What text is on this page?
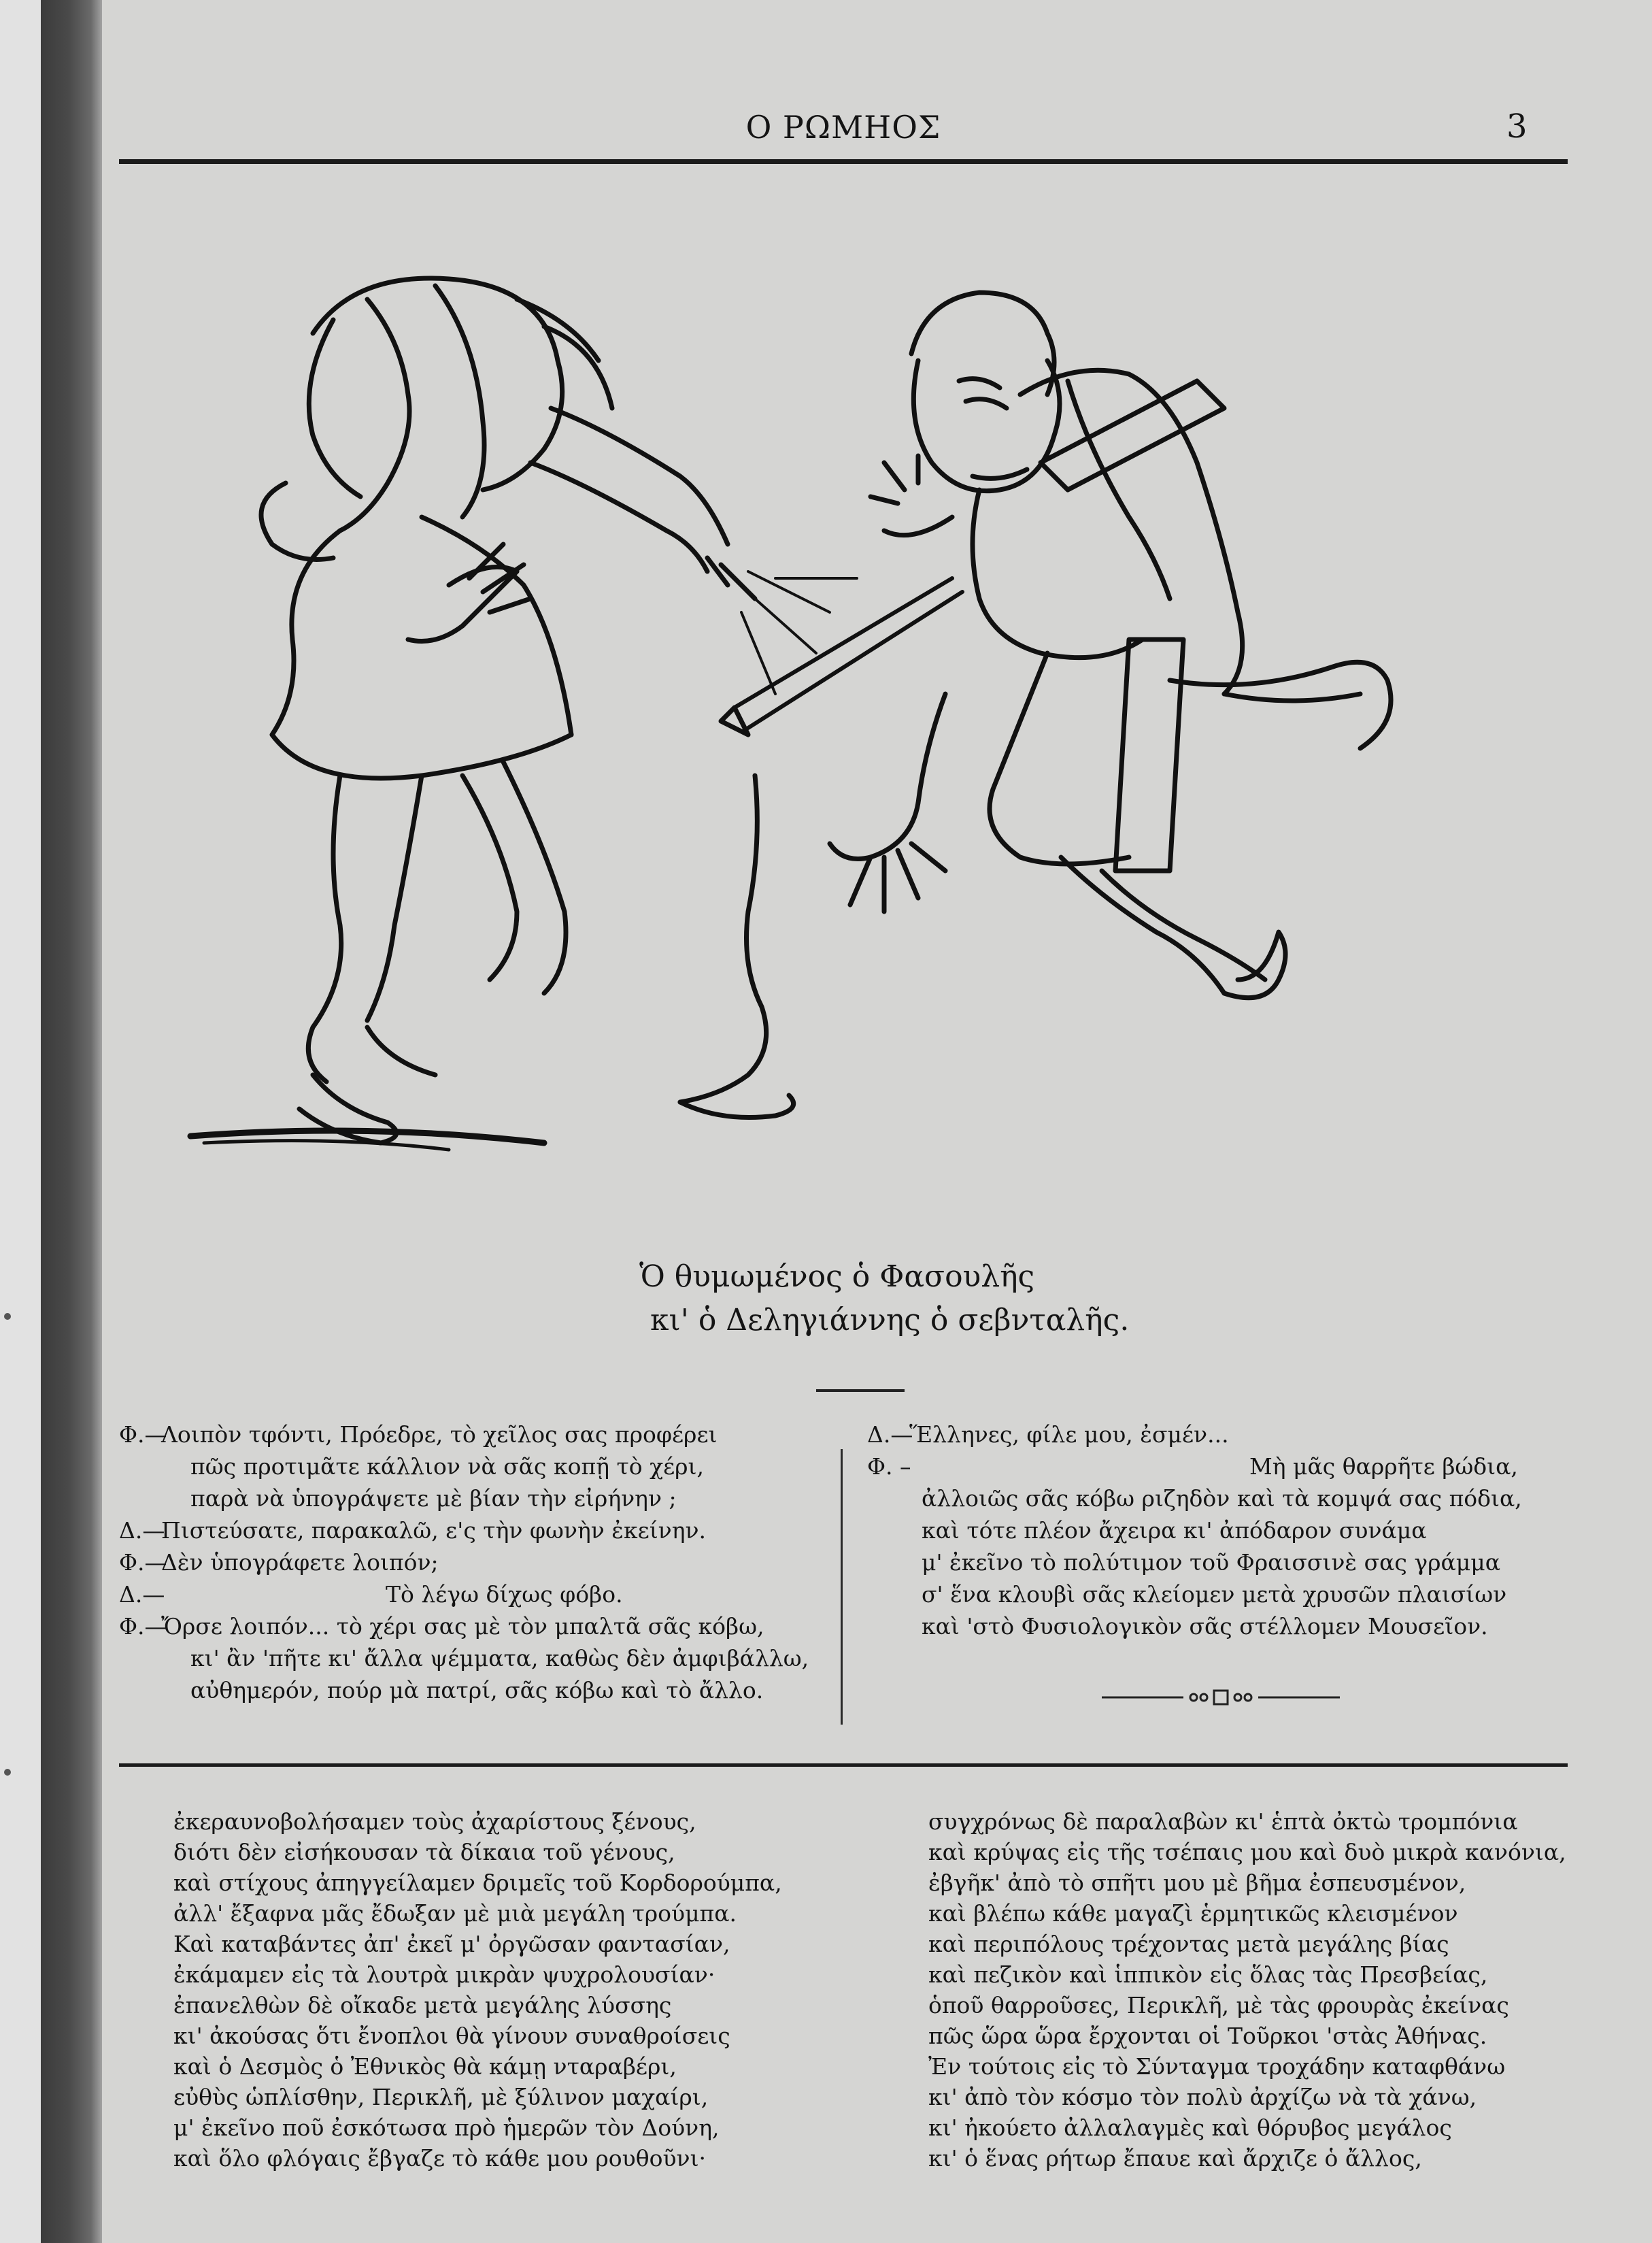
Ο ΡΩΜΗΟΣ	3
Ὁ θυμωμένος ὁ Φασουλῆς
κι' ὁ Δεληγιάννης ὁ σεβνταλῆς.
Φ.—Λοιπὸν τφόντι, Πρόεδρε, τὸ χεῖλος σας προφέρει
πῶς προτιμᾶτε κάλλιον νὰ σᾶς κοπῇ τὸ χέρι,
παρὰ νὰ ὑπογράψετε μὲ βίαν τὴν εἰρήνην ;
Δ.—Πιστεύσατε, παρακαλῶ, ε'ς τὴν φωνὴν ἐκείνην.
Φ.—Δὲν ὑπογράφετε λοιπόν;
Δ.—	Τὸ λέγω δίχως φόβο.
Φ.—Ὄρσε λοιπόν... τὸ χέρι σας μὲ τὸν μπαλτᾶ σᾶς κόβω,
κι' ἂν 'πῆτε κι' ἄλλα ψέμματα, καθὼς δὲν ἀμφιβάλλω,
αὐθημερόν, πούρ μὰ πατρί, σᾶς κόβω καὶ τὸ ἄλλο.
Δ.—Ἕλληνες, φίλε μου, ἐσμέν...
Φ. –	Μὴ μᾶς θαρρῆτε βώδια,
ἀλλοιῶς σᾶς κόβω ριζηδὸν καὶ τὰ κομψά σας πόδια,
καὶ τότε πλέον ἄχειρα κι' ἀπόδαρον συνάμα
μ' ἐκεῖνο τὸ πολύτιμον τοῦ Φραισσινὲ σας γράμμα
σ' ἕνα κλουβὶ σᾶς κλείομεν μετὰ χρυσῶν πλαισίων
καὶ 'στὸ Φυσιολογικὸν σᾶς στέλλομεν Μουσεῖον.
ἐκεραυνοβολήσαμεν τοὺς ἀχαρίστους ξένους,
διότι δὲν εἰσήκουσαν τὰ δίκαια τοῦ γένους,
καὶ στίχους ἀπηγγείλαμεν δριμεῖς τοῦ Κορδορούμπα,
ἀλλ' ἔξαφνα μᾶς ἔδωξαν μὲ μιὰ μεγάλη τρούμπα.
Καὶ καταβάντες ἀπ' ἐκεῖ μ' ὀργῶσαν φαντασίαν,
ἐκάμαμεν εἰς τὰ λουτρὰ μικρὰν ψυχρολουσίαν·
ἐπανελθὼν δὲ οἴκαδε μετὰ μεγάλης λύσσης
κι' ἀκούσας ὅτι ἔνοπλοι θὰ γίνουν συναθροίσεις
καὶ ὁ Δεσμὸς ὁ Ἐθνικὸς θὰ κάμῃ νταραβέρι,
εὐθὺς ὡπλίσθην, Περικλῆ, μὲ ξύλινον μαχαίρι,
μ' ἐκεῖνο ποῦ ἐσκότωσα πρὸ ἡμερῶν τὸν Δούνη,
καὶ ὅλο φλόγαις ἔβγαζε τὸ κάθε μου ρουθοῦνι·
συγχρόνως δὲ παραλαβὼν κι' ἑπτὰ ὀκτὼ τρομπόνια
καὶ κρύψας εἰς τῆς τσέπαις μου καὶ δυὸ μικρὰ κανόνια,
ἐβγῆκ' ἀπὸ τὸ σπῆτι μου μὲ βῆμα ἐσπευσμένον,
καὶ βλέπω κάθε μαγαζὶ ἑρμητικῶς κλεισμένον
καὶ περιπόλους τρέχοντας μετὰ μεγάλης βίας
καὶ πεζικὸν καὶ ἱππικὸν εἰς ὅλας τὰς Πρεσβείας,
ὁποῦ θαρροῦσες, Περικλῆ, μὲ τὰς φρουρὰς ἐκείνας
πῶς ὥρα ὥρα ἔρχονται οἱ Τοῦρκοι 'στὰς Ἀθήνας.
Ἐν τούτοις εἰς τὸ Σύνταγμα τροχάδην καταφθάνω
κι' ἀπὸ τὸν κόσμο τὸν πολὺ ἀρχίζω νὰ τὰ χάνω,
κι' ἠκούετο ἀλλαλαγμὲς καὶ θόρυβος μεγάλος
κι' ὁ ἕνας ρήτωρ ἔπαυε καὶ ἄρχιζε ὁ ἄλλος,
